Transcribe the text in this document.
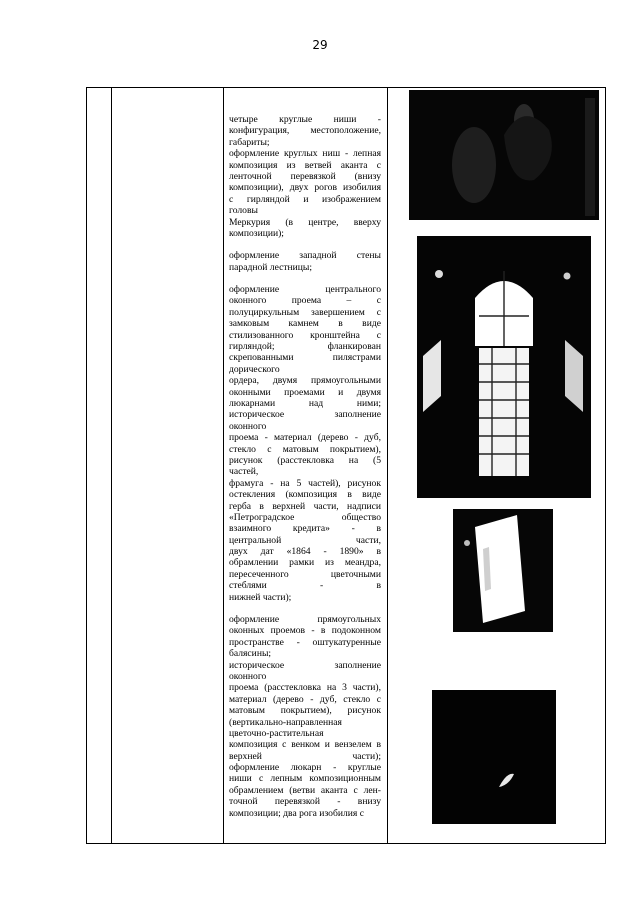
29
четыре круглые ниши -
конфигурация, местоположение,
габариты;
оформление круглых ниш - лепная
композиция из ветвей аканта с
ленточной перевязкой (внизу
композиции), двух рогов изобилия
с гирляндой и изображением
головы
Меркурия (в центре, вверху
композиции);
оформление западной стены
парадной лестницы;
оформление центрального
оконного проема – с
полуциркульным завершением с
замковым камнем в виде
стилизованного кронштейна с
гирляндой; фланкирован
скрепованными пилястрами
дорического
ордера, двумя прямоугольными
оконными проемами и двумя
люкарнами над ними;
историческое заполнение
оконного
проема - материал (дерево - дуб,
стекло с матовым покрытием),
рисунок (расстекловка на (5
частей,
фрамуга - на 5 частей), рисунок
остекления (композиция в виде
герба в верхней части, надписи
«Петроградское общество
взаимного кредита» - в
центральной части,
двух дат «1864 - 1890» в
обрамлении рамки из меандра,
пересеченного цветочными
стеблями - в
нижней части);
оформление прямоугольных
оконных проемов - в подоконном
пространстве - оштукатуренные
балясины;
историческое заполнение
оконного
проема (расстекловка на 3 части),
материал (дерево - дуб, стекло с
матовым покрытием), рисунок
(вертикально-направленная
цветочно-растительная
композиция с венком и вензелем в
верхней части);
оформление люкарн - круглые
ниши с лепным композиционным
обрамлением (ветви аканта с лен-
точной перевязкой - внизу
композиции; два рога изобилия с
